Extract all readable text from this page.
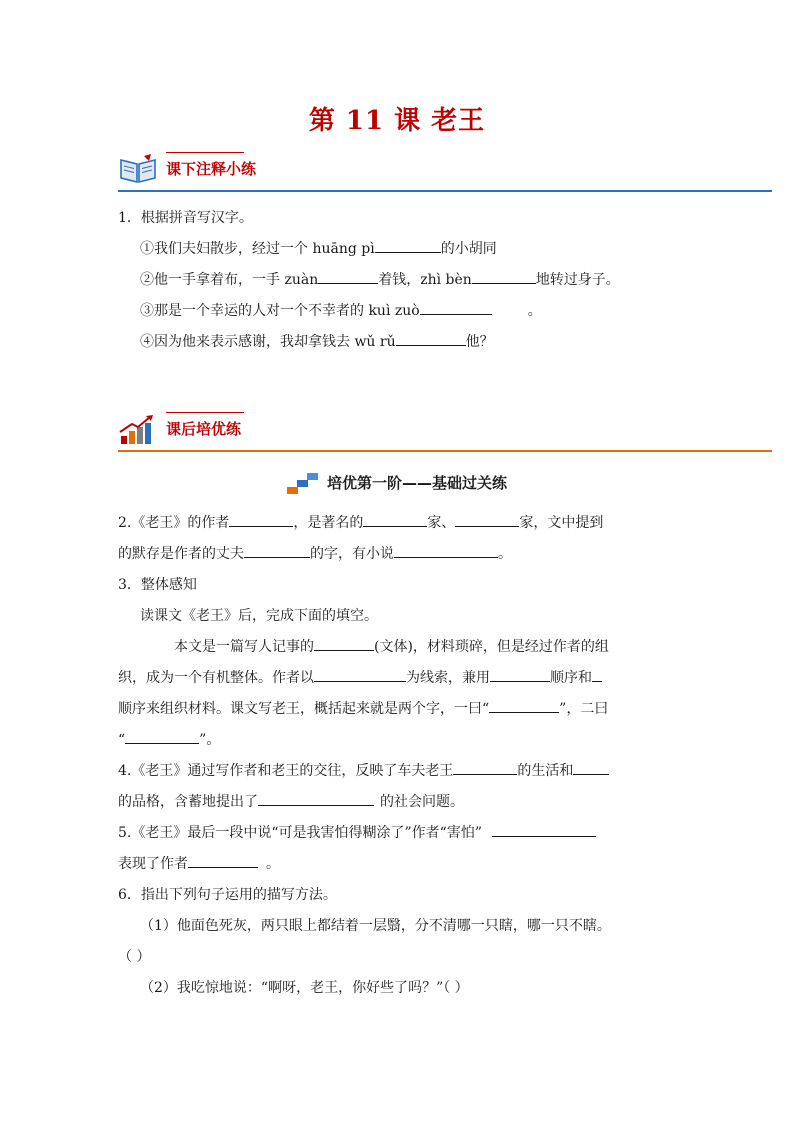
第 11 课 老王
课下注释小练
1．根据拼音写汉字。
①我们夫妇散步，经过一个 huāng pì	的小胡同
②他一手拿着布，一手 zuàn	着钱，zhì bèn	地转过身子。
③那是一个幸运的人对一个不幸者的 kuì zuò	。
④因为他来表示感谢，我却拿钱去 wǔ rǔ	他？
课后培优练
培优第一阶——基础过关练
2.《老王》的作者	，是著名的	家、	家，文中提到
的默存是作者的丈夫	的字，有小说	。
3．整体感知
读课文《老王》后，完成下面的填空。
本文是一篇写人记事的	(文体)，材料琐碎，但是经过作者的组
织，成为一个有机整体。作者以	为线索，兼用	顺序和
顺序来组织材料。课文写老王，概括起来就是两个字，一曰“	”，二曰
“	”。
4.《老王》通过写作者和老王的交往，反映了车夫老王	的生活和
的品格，含蓄地提出了	的社会问题。
5.《老王》最后一段中说“可是我害怕得糊涂了”作者“害怕”
表现了作者	。
6．指出下列句子运用的描写方法。
（1）他面色死灰，两只眼上都结着一层翳，分不清哪一只瞎，哪一只不瞎。
（ ）
（2）我吃惊地说：“啊呀，老王，你好些了吗？”（ ）
